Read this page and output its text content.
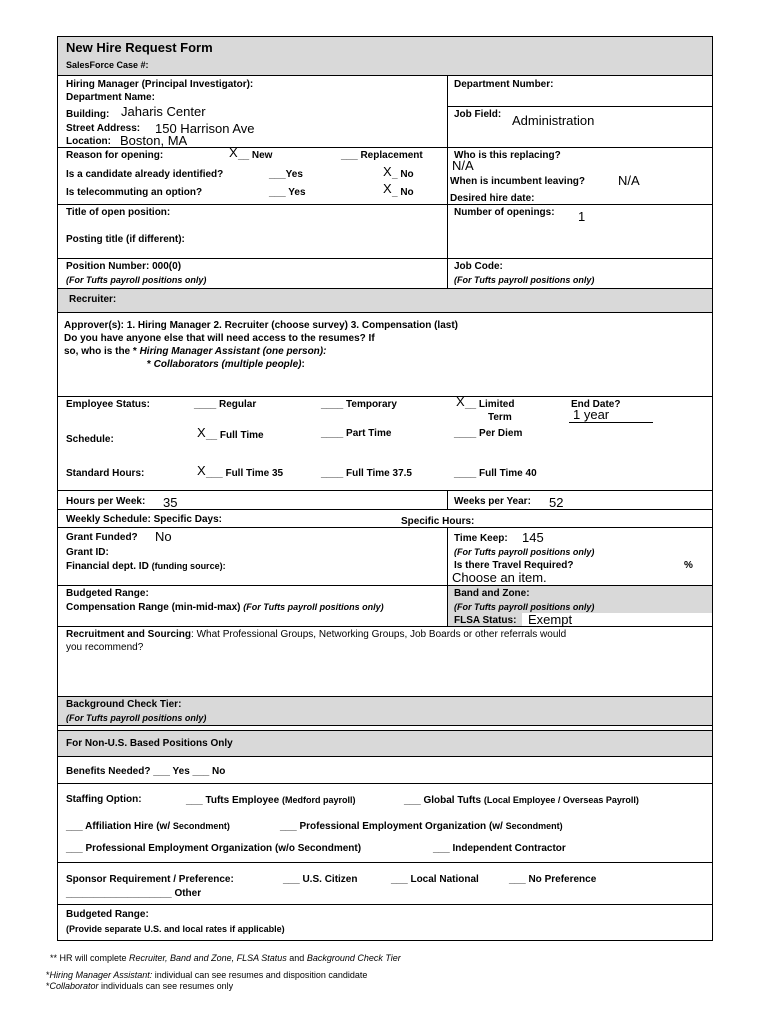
New Hire Request Form
SalesForce Case #:
Hiring Manager (Principal Investigator):
Department Name:
Department Number:
Building: Jaharis Center
Street Address: 150 Harrison Ave
Location: Boston, MA
Job Field: Administration
Reason for opening:	X __ New	___ Replacement	Who is this replacing?
N/A
Is a candidate already identified?	___Yes	X _ No
When is incumbent leaving?	N/A
Is telecommuting an option?	___ Yes	X _ No
Desired hire date:
Title of open position:	Number of openings: 1
Posting title (if different):
Position Number: 000(0)
(For Tufts payroll positions only)
Job Code:
(For Tufts payroll positions only)
Recruiter:
Approver(s): 1. Hiring Manager 2. Recruiter (choose survey) 3. Compensation (last)
Do you have anyone else that will need access to the resumes? If
so, who is the * Hiring Manager Assistant (one person):
* Collaborators (multiple people):
Employee Status:	____ Regular	____ Temporary	X __ Limited
Term
End Date?
1 year
Schedule:	X __ Full Time	____ Part Time	____ Per Diem
Standard Hours:	X ___ Full Time 35	____ Full Time 37.5	____ Full Time 40
Hours per Week: 35	Weeks per Year: 52
Weekly Schedule: Specific Days:	Specific Hours:
Grant Funded? No
Grant ID:
Financial dept. ID (funding source):
Time Keep: 145
(For Tufts payroll positions only)
Is there Travel Required?	%
Choose an item.
Budgeted Range:
Compensation Range (min-mid-max) (For Tufts payroll positions only)
Band and Zone:
(For Tufts payroll positions only)
FLSA Status: Exempt
Recruitment and Sourcing: What Professional Groups, Networking Groups, Job Boards or other referrals would
you recommend?
Background Check Tier:
(For Tufts payroll positions only)
For Non-U.S. Based Positions Only
Benefits Needed? ___ Yes ___ No
Staffing Option:	___ Tufts Employee (Medford payroll)	___ Global Tufts (Local Employee / Overseas Payroll)
___ Affiliation Hire (w/ Secondment)	___ Professional Employment Organization (w/ Secondment)
___ Professional Employment Organization (w/o Secondment)	___ Independent Contractor
Sponsor Requirement / Preference:	___ U.S. Citizen	___ Local National	___ No Preference
___________________ Other
Budgeted Range:
(Provide separate U.S. and local rates if applicable)
** HR will complete Recruiter, Band and Zone, FLSA Status and Background Check Tier
*Hiring Manager Assistant: individual can see resumes and disposition candidate
*Collaborator individuals can see resumes only
